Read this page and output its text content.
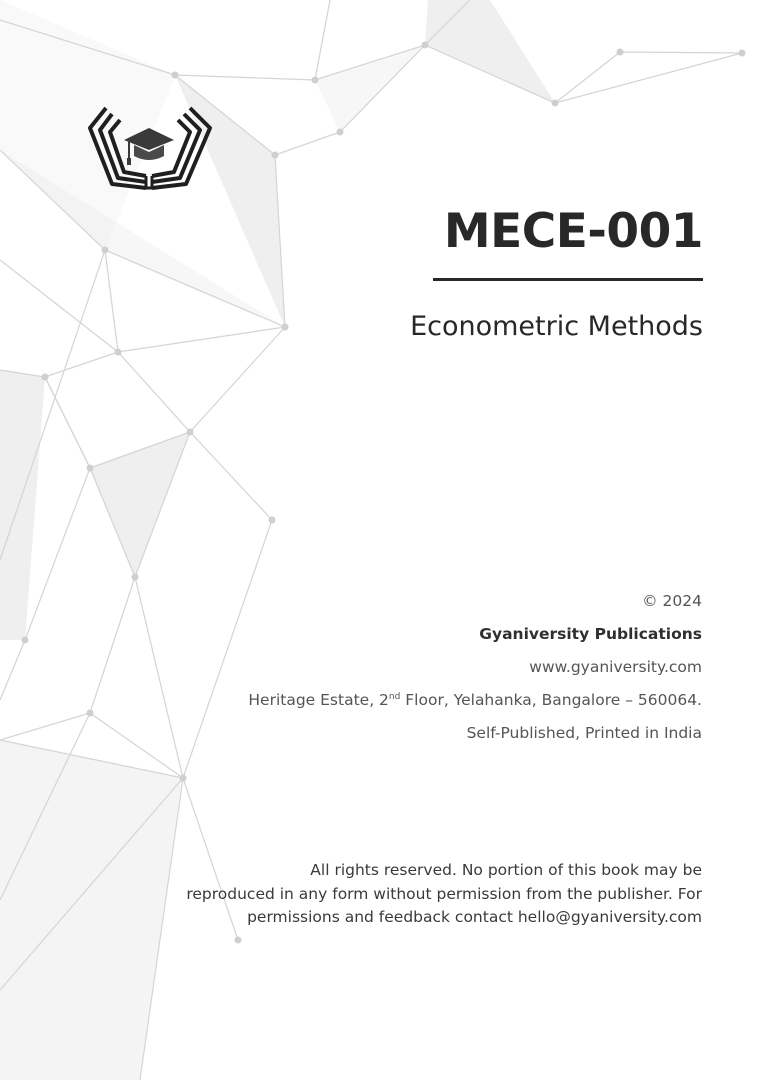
MECE-001
Econometric Methods
© 2024
Gyaniversity Publications
www.gyaniversity.com
Heritage Estate, 2nd Floor, Yelahanka, Bangalore – 560064.
Self-Published, Printed in India
All rights reserved. No portion of this book may be
reproduced in any form without permission from the publisher. For
permissions and feedback contact hello@gyaniversity.com
